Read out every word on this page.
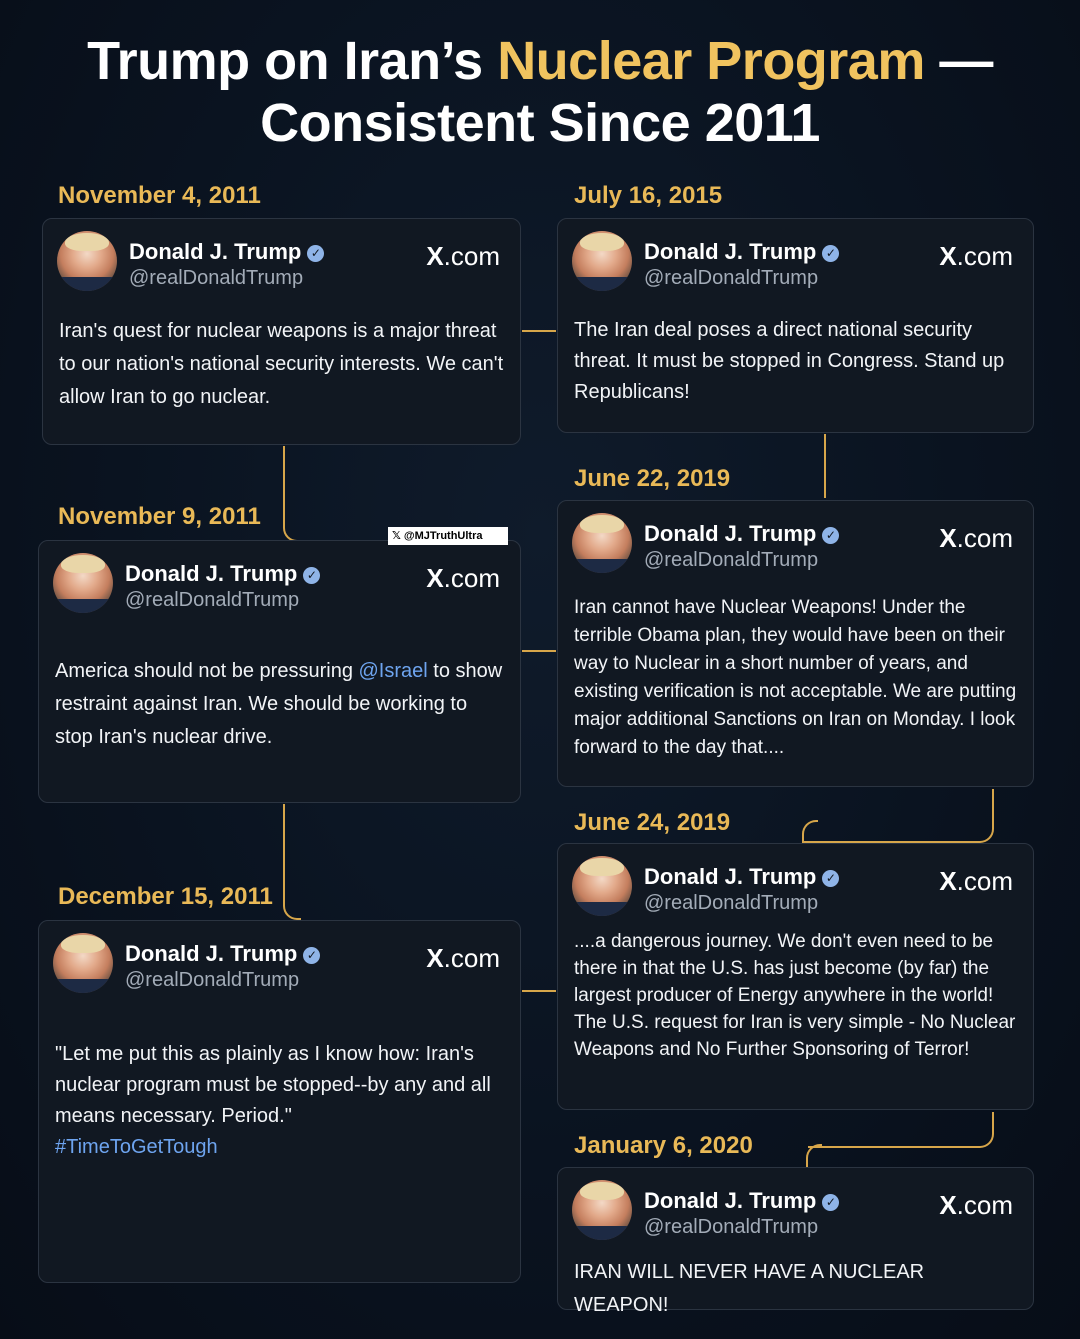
Trump on Iran’s Nuclear Program —
Consistent Since 2011
November 4, 2011
Donald J. Trump ✓
@realDonaldTrump
X.com
Iran's quest for nuclear weapons is a major threat to our nation's national security interests. We can't allow Iran to go nuclear.
November 9, 2011
Donald J. Trump ✓
@realDonaldTrump
X.com
America should not be pressuring @Israel to show restraint against Iran. We should be working to stop Iran's nuclear drive.
𝕏 @MJTruthUltra
December 15, 2011
Donald J. Trump ✓
@realDonaldTrump
X.com
"Let me put this as plainly as I know how: Iran's nuclear program must be stopped--by any and all means necessary. Period."
#TimeToGetTough
July 16, 2015
Donald J. Trump ✓
@realDonaldTrump
X.com
The Iran deal poses a direct national security threat. It must be stopped in Congress. Stand up Republicans!
June 22, 2019
Donald J. Trump ✓
@realDonaldTrump
X.com
Iran cannot have Nuclear Weapons! Under the terrible Obama plan, they would have been on their way to Nuclear in a short number of years, and existing verification is not acceptable. We are putting major additional Sanctions on Iran on Monday. I look forward to the day that....
June 24, 2019
Donald J. Trump ✓
@realDonaldTrump
X.com
....a dangerous journey. We don't even need to be there in that the U.S. has just become (by far) the largest producer of Energy anywhere in the world! The U.S. request for Iran is very simple - No Nuclear Weapons and No Further Sponsoring of Terror!
January 6, 2020
Donald J. Trump ✓
@realDonaldTrump
X.com
IRAN WILL NEVER HAVE A NUCLEAR WEAPON!
